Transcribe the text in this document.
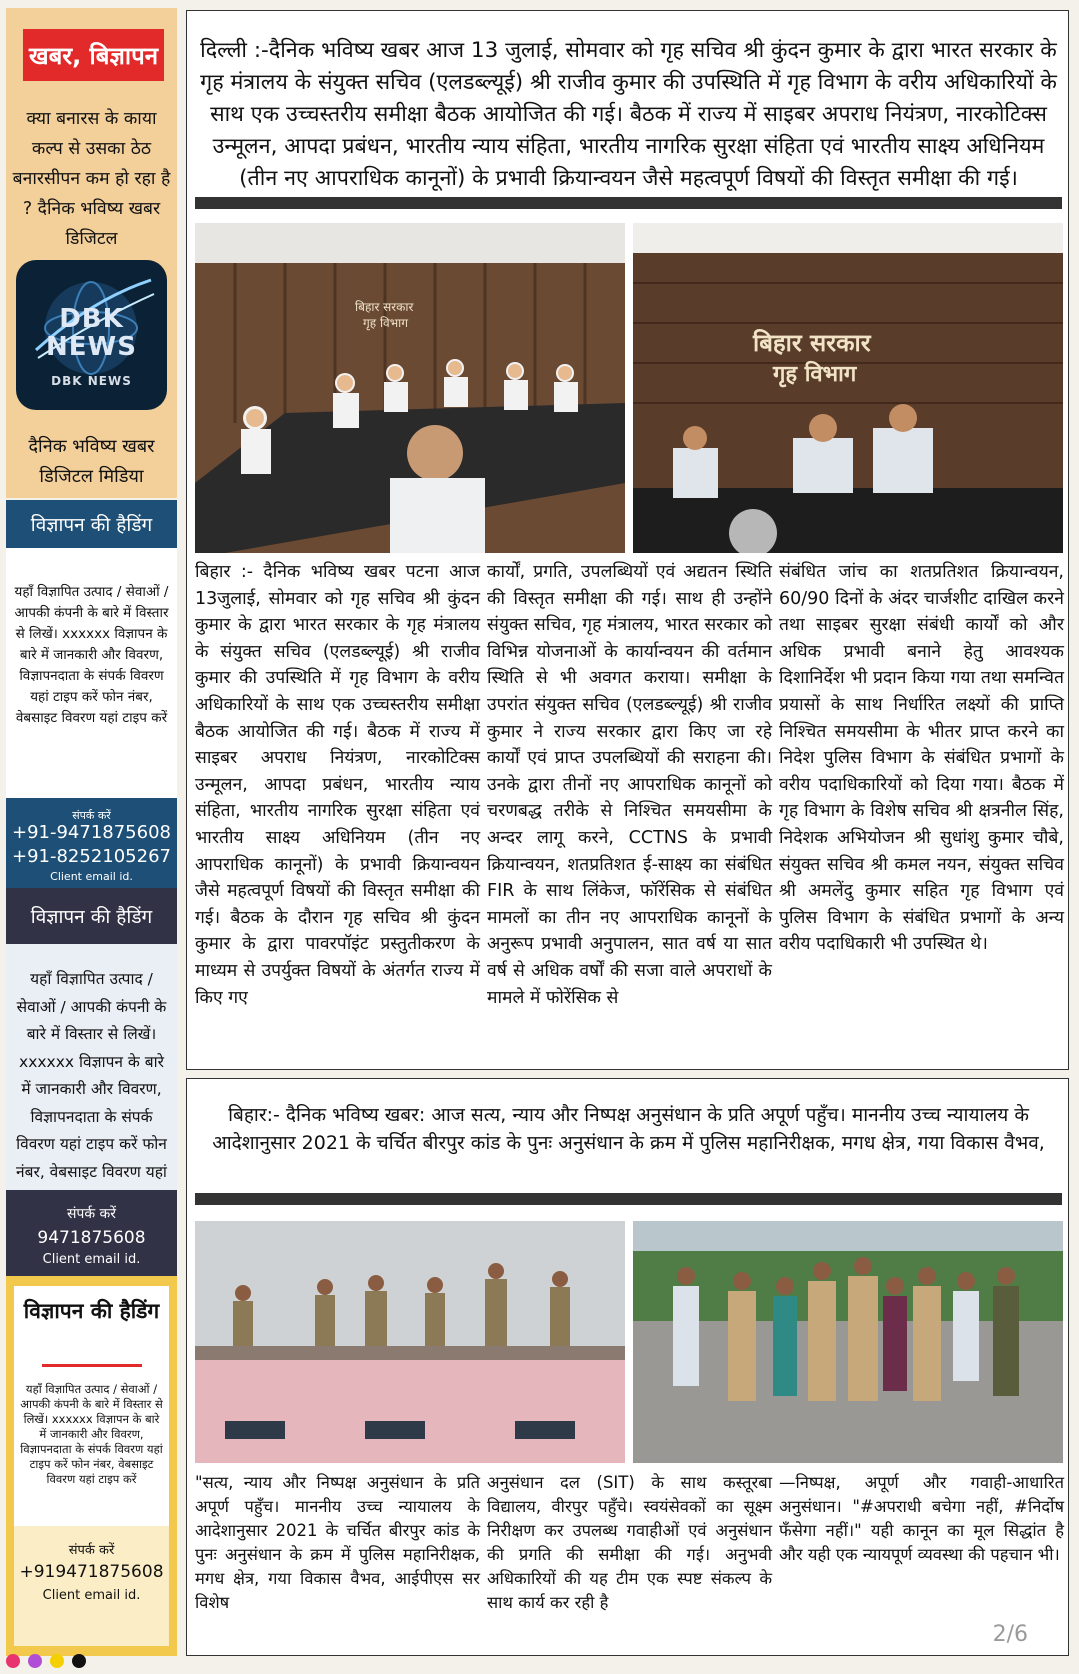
खबर, बिज्ञापन
क्या बनारस के काया कल्प से उसका ठेठ बनारसीपन कम हो रहा है ? दैनिक भविष्य खबर डिजिटल
DBK
NEWS
DBK NEWS
दैनिक भविष्य खबर डिजिटल मिडिया
विज्ञापन की हैडिंग

यहाँ विज्ञापित उत्पाद / सेवाओं / आपकी कंपनी के बारे में विस्तार से लिखें। xxxxxx विज्ञापन के बारे में जानकारी और विवरण, विज्ञापनदाता के संपर्क विवरण यहां टाइप करें फोन नंबर, वेबसाइट विवरण यहां टाइप करें

संपर्क करें
+91-9471875608
+91-8252105267
Client email id.
विज्ञापन की हैडिंग

यहाँ विज्ञापित उत्पाद / सेवाओं / आपकी कंपनी के बारे में विस्तार से लिखें। xxxxxx विज्ञापन के बारे में जानकारी और विवरण, विज्ञापनदाता के संपर्क विवरण यहां टाइप करें फोन नंबर, वेबसाइट विवरण यहां

संपर्क करें
9471875608
Client email id.
विज्ञापन की हैडिंग
यहाँ विज्ञापित उत्पाद / सेवाओं / आपकी कंपनी के बारे में विस्तार से लिखें। xxxxxx विज्ञापन के बारे में जानकारी और विवरण, विज्ञापनदाता के संपर्क विवरण यहां टाइप करें फोन नंबर, वेबसाइट विवरण यहां टाइप करें
संपर्क करें
+919471875608
Client email id.
दिल्ली :-दैनिक भविष्य खबर आज 13 जुलाई, सोमवार को गृह सचिव श्री कुंदन कुमार के द्वारा भारत सरकार के गृह मंत्रालय के संयुक्त सचिव (एलडब्ल्यूई) श्री राजीव कुमार की उपस्थिति में गृह विभाग के वरीय अधिकारियों के साथ एक उच्चस्तरीय समीक्षा बैठक आयोजित की गई। बैठक में राज्य में साइबर अपराध नियंत्रण, नारकोटिक्स उन्मूलन, आपदा प्रबंधन, भारतीय न्याय संहिता, भारतीय नागरिक सुरक्षा संहिता एवं भारतीय साक्ष्य अधिनियम (तीन नए आपराधिक कानूनों) के प्रभावी क्रियान्वयन जैसे महत्वपूर्ण विषयों की विस्तृत समीक्षा की गई।
बिहार सरकार
गृह विभाग
बिहार सरकार
गृह विभाग
बिहार :- दैनिक भविष्य खबर पटना आज 13जुलाई, सोमवार को गृह सचिव श्री कुंदन कुमार के द्वारा भारत सरकार के गृह मंत्रालय के संयुक्त सचिव (एलडब्ल्यूई) श्री राजीव कुमार की उपस्थिति में गृह विभाग के वरीय अधिकारियों के साथ एक उच्चस्तरीय समीक्षा बैठक आयोजित की गई। बैठक में राज्य में साइबर अपराध नियंत्रण, नारकोटिक्स उन्मूलन, आपदा प्रबंधन, भारतीय न्याय संहिता, भारतीय नागरिक सुरक्षा संहिता एवं भारतीय साक्ष्य अधिनियम (तीन नए आपराधिक कानूनों) के प्रभावी क्रियान्वयन जैसे महत्वपूर्ण विषयों की विस्तृत समीक्षा की गई। बैठक के दौरान गृह सचिव श्री कुंदन कुमार के द्वारा पावरपॉइंट प्रस्तुतीकरण के माध्यम से उपर्युक्त विषयों के अंतर्गत राज्य में किए गए
कार्यों, प्रगति, उपलब्धियों एवं अद्यतन स्थिति की विस्तृत समीक्षा की गई। साथ ही उन्होंने संयुक्त सचिव, गृह मंत्रालय, भारत सरकार को विभिन्न योजनाओं के कार्यान्वयन की वर्तमान स्थिति से भी अवगत कराया। समीक्षा के उपरांत संयुक्त सचिव (एलडब्ल्यूई) श्री राजीव कुमार ने राज्य सरकार द्वारा किए जा रहे कार्यों एवं प्राप्त उपलब्धियों की सराहना की। उनके द्वारा तीनों नए आपराधिक कानूनों को चरणबद्ध तरीके से निश्चित समयसीमा के अन्दर लागू करने, CCTNS के प्रभावी क्रियान्वयन, शतप्रतिशत ई-साक्ष्य का संबंधित FIR के साथ लिंकेज, फॉरेंसिक से संबंधित मामलों का तीन नए आपराधिक कानूनों के अनुरूप प्रभावी अनुपालन, सात वर्ष या सात वर्ष से अधिक वर्षों की सजा वाले अपराधों के मामले में फोरेंसिक से
संबंधित जांच का शतप्रतिशत क्रियान्वयन, 60/90 दिनों के अंदर चार्जशीट दाखिल करने तथा साइबर सुरक्षा संबंधी कार्यों को और अधिक प्रभावी बनाने हेतु आवश्यक दिशानिर्देश भी प्रदान किया गया तथा समन्वित प्रयासों के साथ निर्धारित लक्ष्यों की प्राप्ति निश्चित समयसीमा के भीतर प्राप्त करने का निदेश पुलिस विभाग के संबंधित प्रभागों के वरीय पदाधिकारियों को दिया गया। बैठक में गृह विभाग के विशेष सचिव श्री क्षत्रनील सिंह, निदेशक अभियोजन श्री सुधांशु कुमार चौबे, संयुक्त सचिव श्री कमल नयन, संयुक्त सचिव श्री अमलेंदु कुमार सहित गृह विभाग एवं पुलिस विभाग के संबंधित प्रभागों के अन्य वरीय पदाधिकारी भी उपस्थित थे।
बिहार:- दैनिक भविष्य खबर: आज सत्य, न्याय और निष्पक्ष अनुसंधान के प्रति अपूर्ण पहुँच। माननीय उच्च न्यायालय के आदेशानुसार 2021 के चर्चित बीरपुर कांड के पुनः अनुसंधान के क्रम में पुलिस महानिरीक्षक, मगध क्षेत्र, गया विकास वैभव,
"सत्य, न्याय और निष्पक्ष अनुसंधान के प्रति अपूर्ण पहुँच। माननीय उच्च न्यायालय के आदेशानुसार 2021 के चर्चित बीरपुर कांड के पुनः अनुसंधान के क्रम में पुलिस महानिरीक्षक, मगध क्षेत्र, गया विकास वैभव, आईपीएस सर विशेष
अनुसंधान दल (SIT) के साथ कस्तूरबा विद्यालय, वीरपुर पहुँचे। स्वयंसेवकों का सूक्ष्म निरीक्षण कर उपलब्ध गवाहीओं एवं अनुसंधान की प्रगति की समीक्षा की गई। अनुभवी अधिकारियों की यह टीम एक स्पष्ट संकल्प के साथ कार्य कर रही है
—निष्पक्ष, अपूर्ण और गवाही-आधारित अनुसंधान। "#अपराधी बचेगा नहीं, #निर्दोष फँसेगा नहीं।" यही कानून का मूल सिद्धांत है और यही एक न्यायपूर्ण व्यवस्था की पहचान भी।
2/6
